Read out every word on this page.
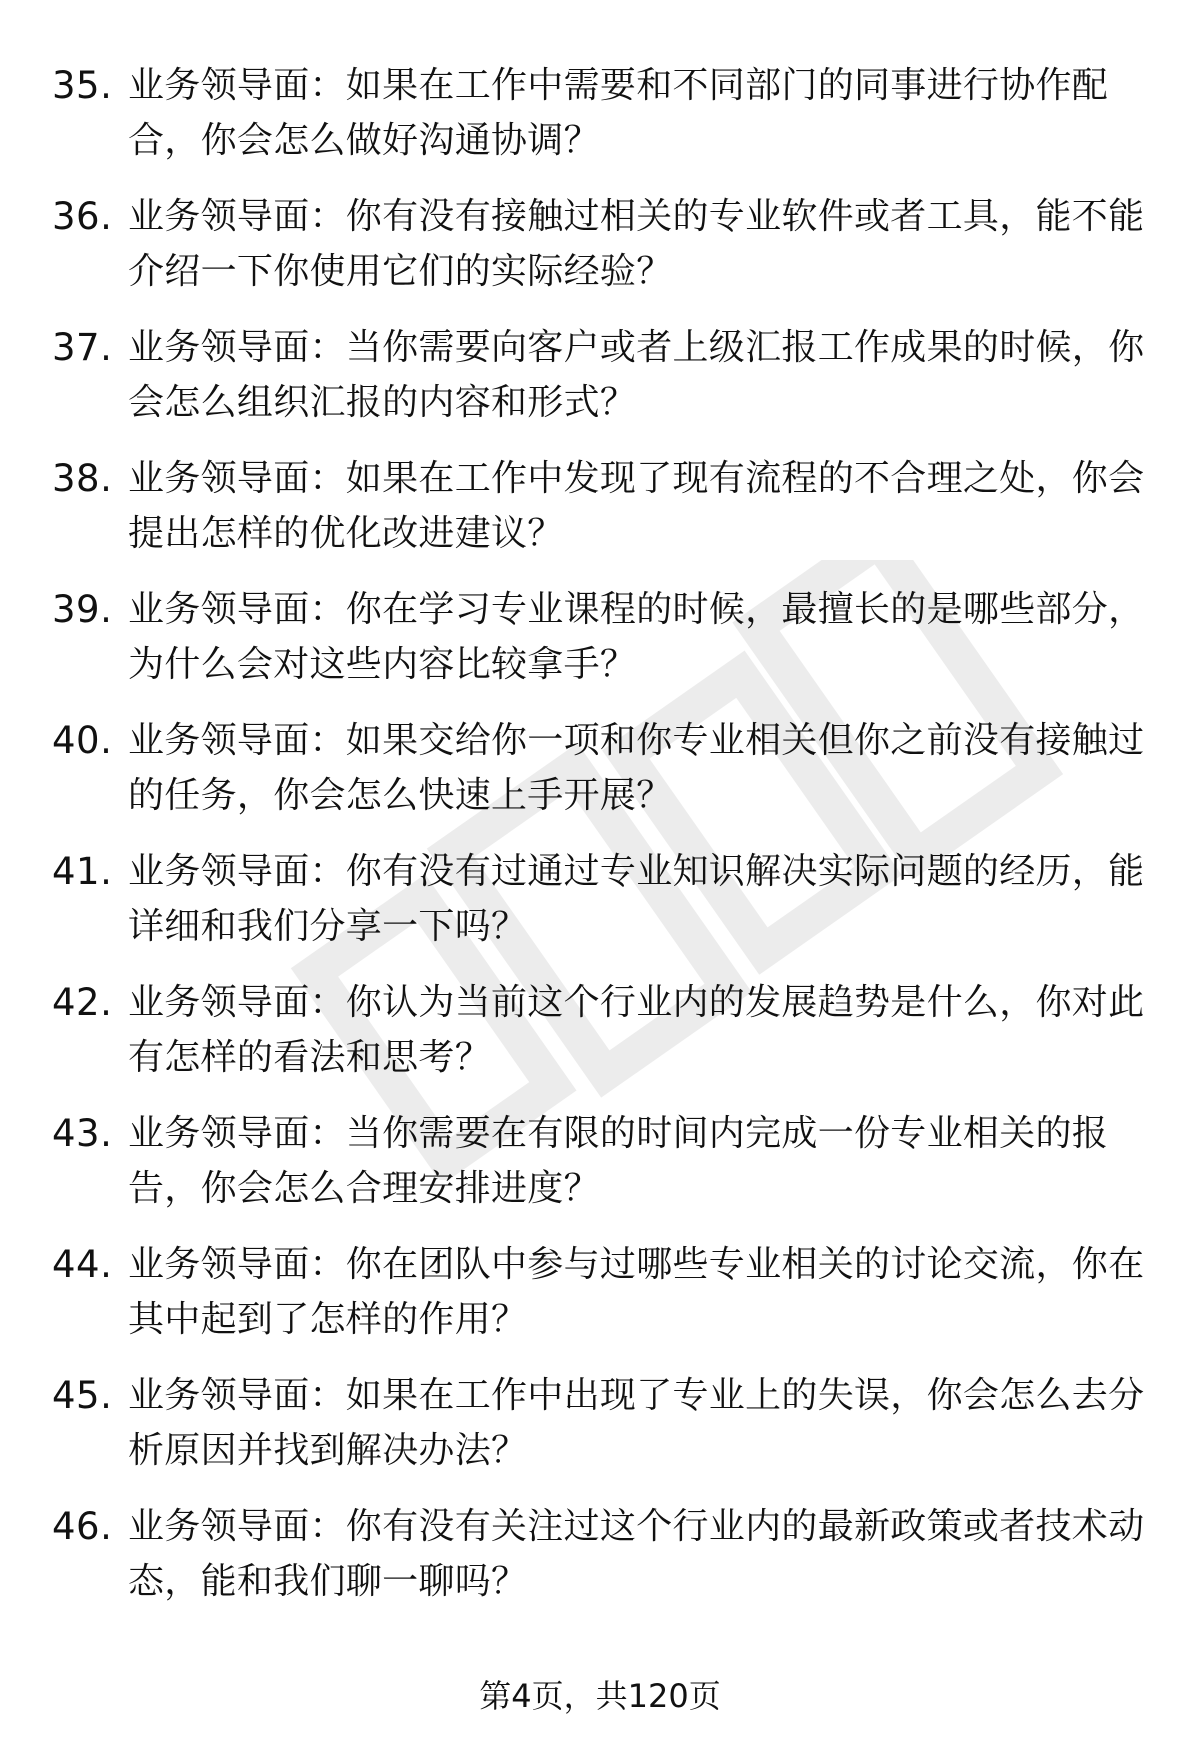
35. 业务领导面：如果在工作中需要和不同部门的同事进行协作配合，你会怎么做好沟通协调？
36. 业务领导面：你有没有接触过相关的专业软件或者工具，能不能介绍一下你使用它们的实际经验？
37. 业务领导面：当你需要向客户或者上级汇报工作成果的时候，你会怎么组织汇报的内容和形式？
38. 业务领导面：如果在工作中发现了现有流程的不合理之处，你会提出怎样的优化改进建议？
39. 业务领导面：你在学习专业课程的时候，最擅长的是哪些部分，为什么会对这些内容比较拿手？
40. 业务领导面：如果交给你一项和你专业相关但你之前没有接触过的任务，你会怎么快速上手开展？
41. 业务领导面：你有没有过通过专业知识解决实际问题的经历，能详细和我们分享一下吗？
42. 业务领导面：你认为当前这个行业内的发展趋势是什么，你对此有怎样的看法和思考？
43. 业务领导面：当你需要在有限的时间内完成一份专业相关的报告，你会怎么合理安排进度？
44. 业务领导面：你在团队中参与过哪些专业相关的讨论交流，你在其中起到了怎样的作用？
45. 业务领导面：如果在工作中出现了专业上的失误，你会怎么去分析原因并找到解决办法？
46. 业务领导面：你有没有关注过这个行业内的最新政策或者技术动态，能和我们聊一聊吗？
第4页，共120页
